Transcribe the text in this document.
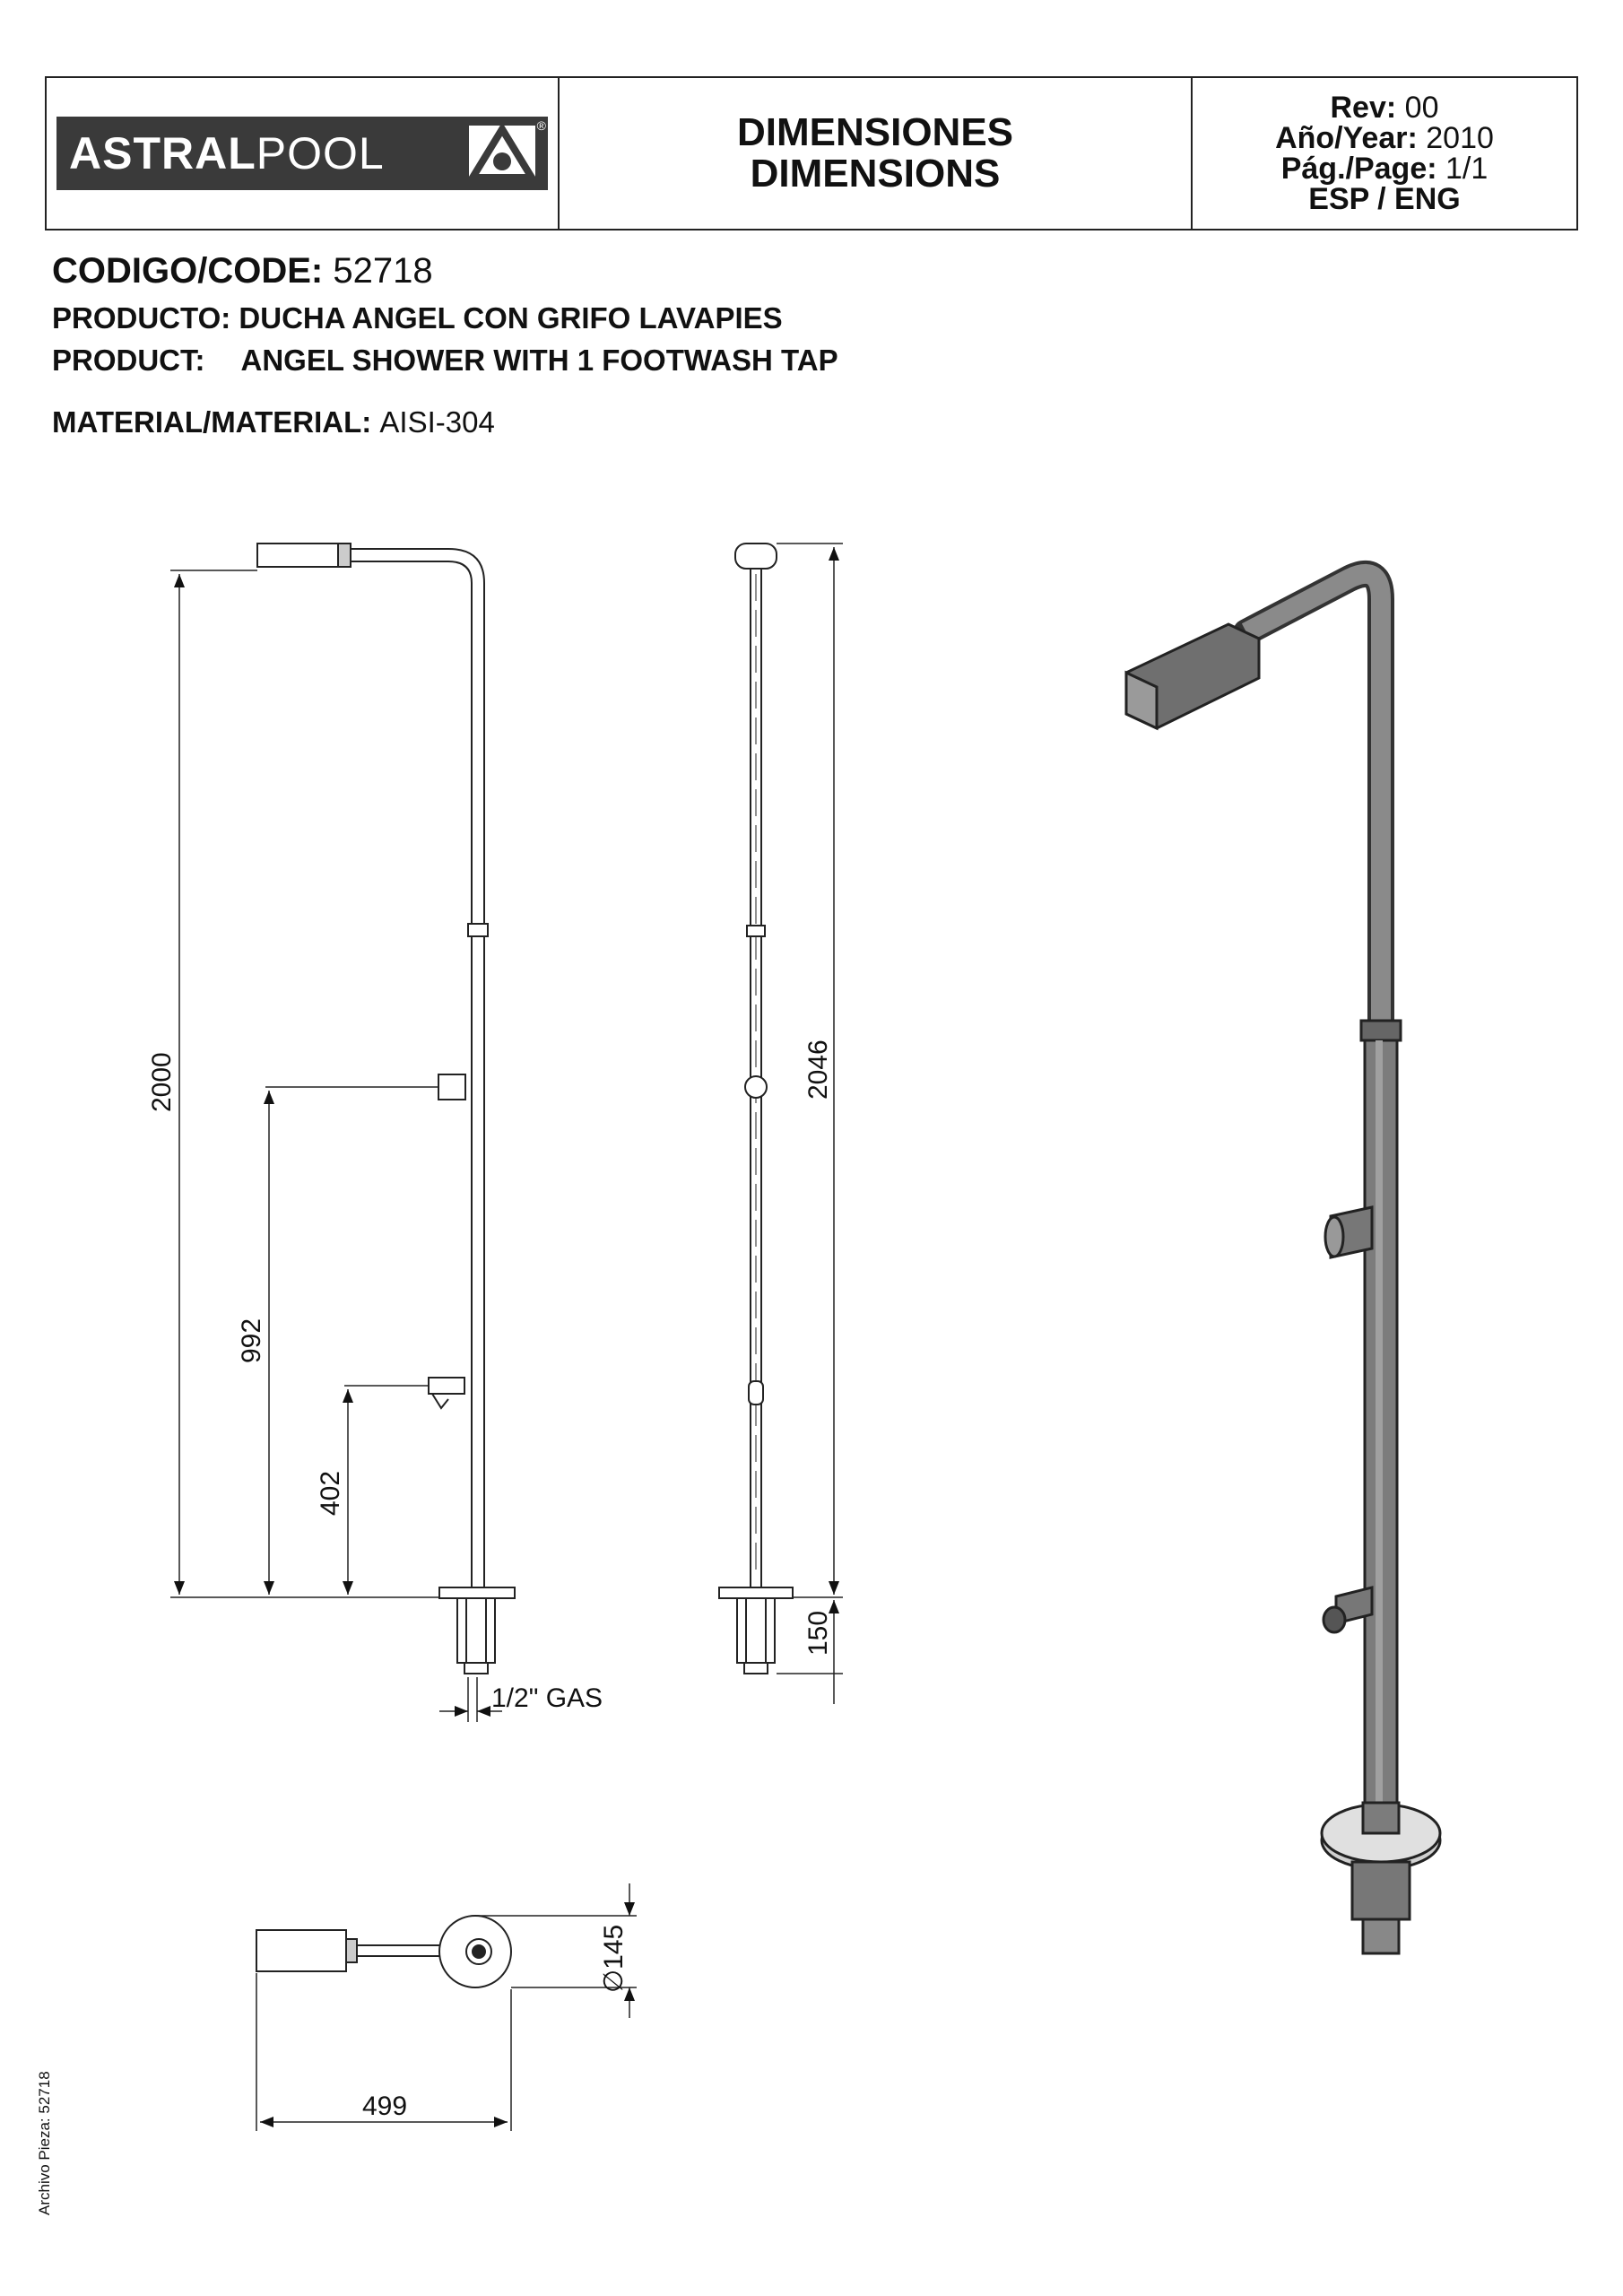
ASTRALPOOL
®	DIMENSIONES
DIMENSIONS
Rev: 00
Año/Year: 2010
Pág./Page: 1/1
ESP / ENG
CODIGO/CODE: 52718
PRODUCTO: DUCHA ANGEL CON GRIFO LAVAPIES
PRODUCT: ANGEL SHOWER WITH 1 FOOTWASH TAP
MATERIAL/MATERIAL: AISI-304
2000
992
402
1/2" GAS
2046
150
∅145
499
Archivo Pieza: 52718
